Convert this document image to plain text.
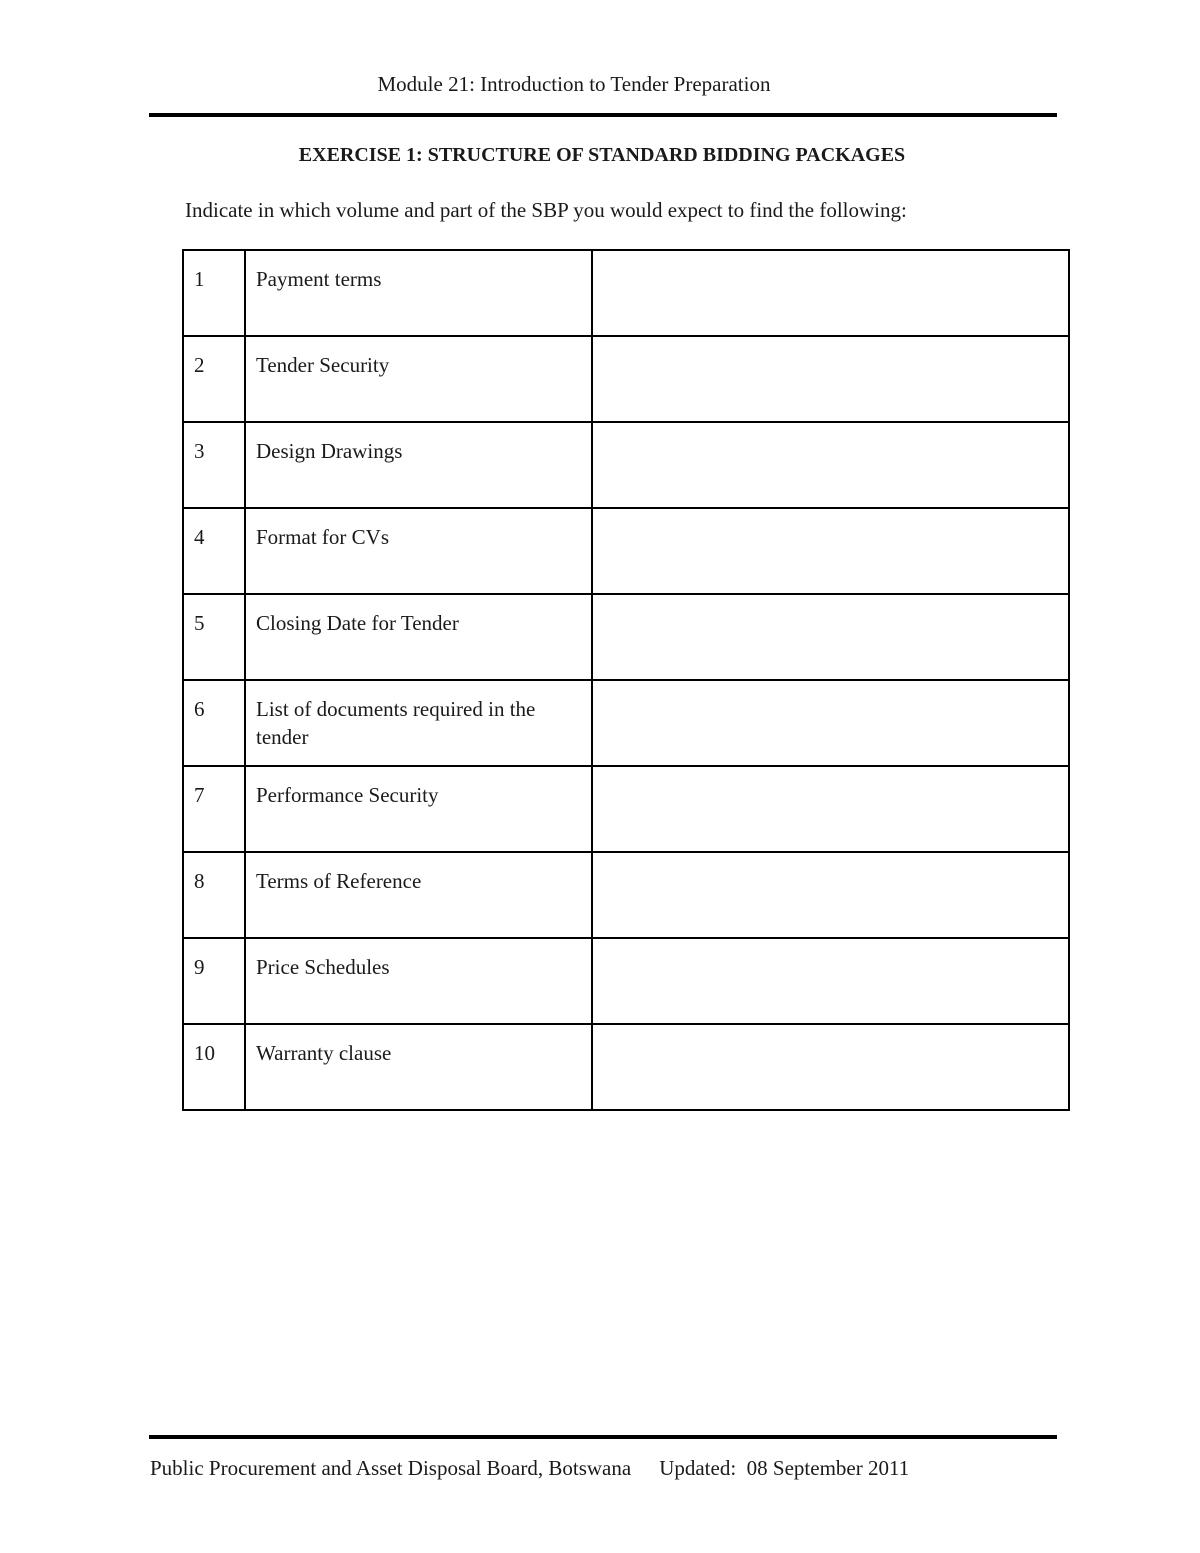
Module 21: Introduction to Tender Preparation
EXERCISE 1: STRUCTURE OF STANDARD BIDDING PACKAGES
Indicate in which volume and part of the SBP you would expect to find the following:
1	Payment terms	
2	Tender Security	
3	Design Drawings	
4	Format for CVs	
5	Closing Date for Tender	
6	List of documents required in the tender	
7	Performance Security	
8	Terms of Reference	
9	Price Schedules	
10	Warranty clause	
Public Procurement and Asset Disposal Board, Botswana Updated:  08 September 2011
